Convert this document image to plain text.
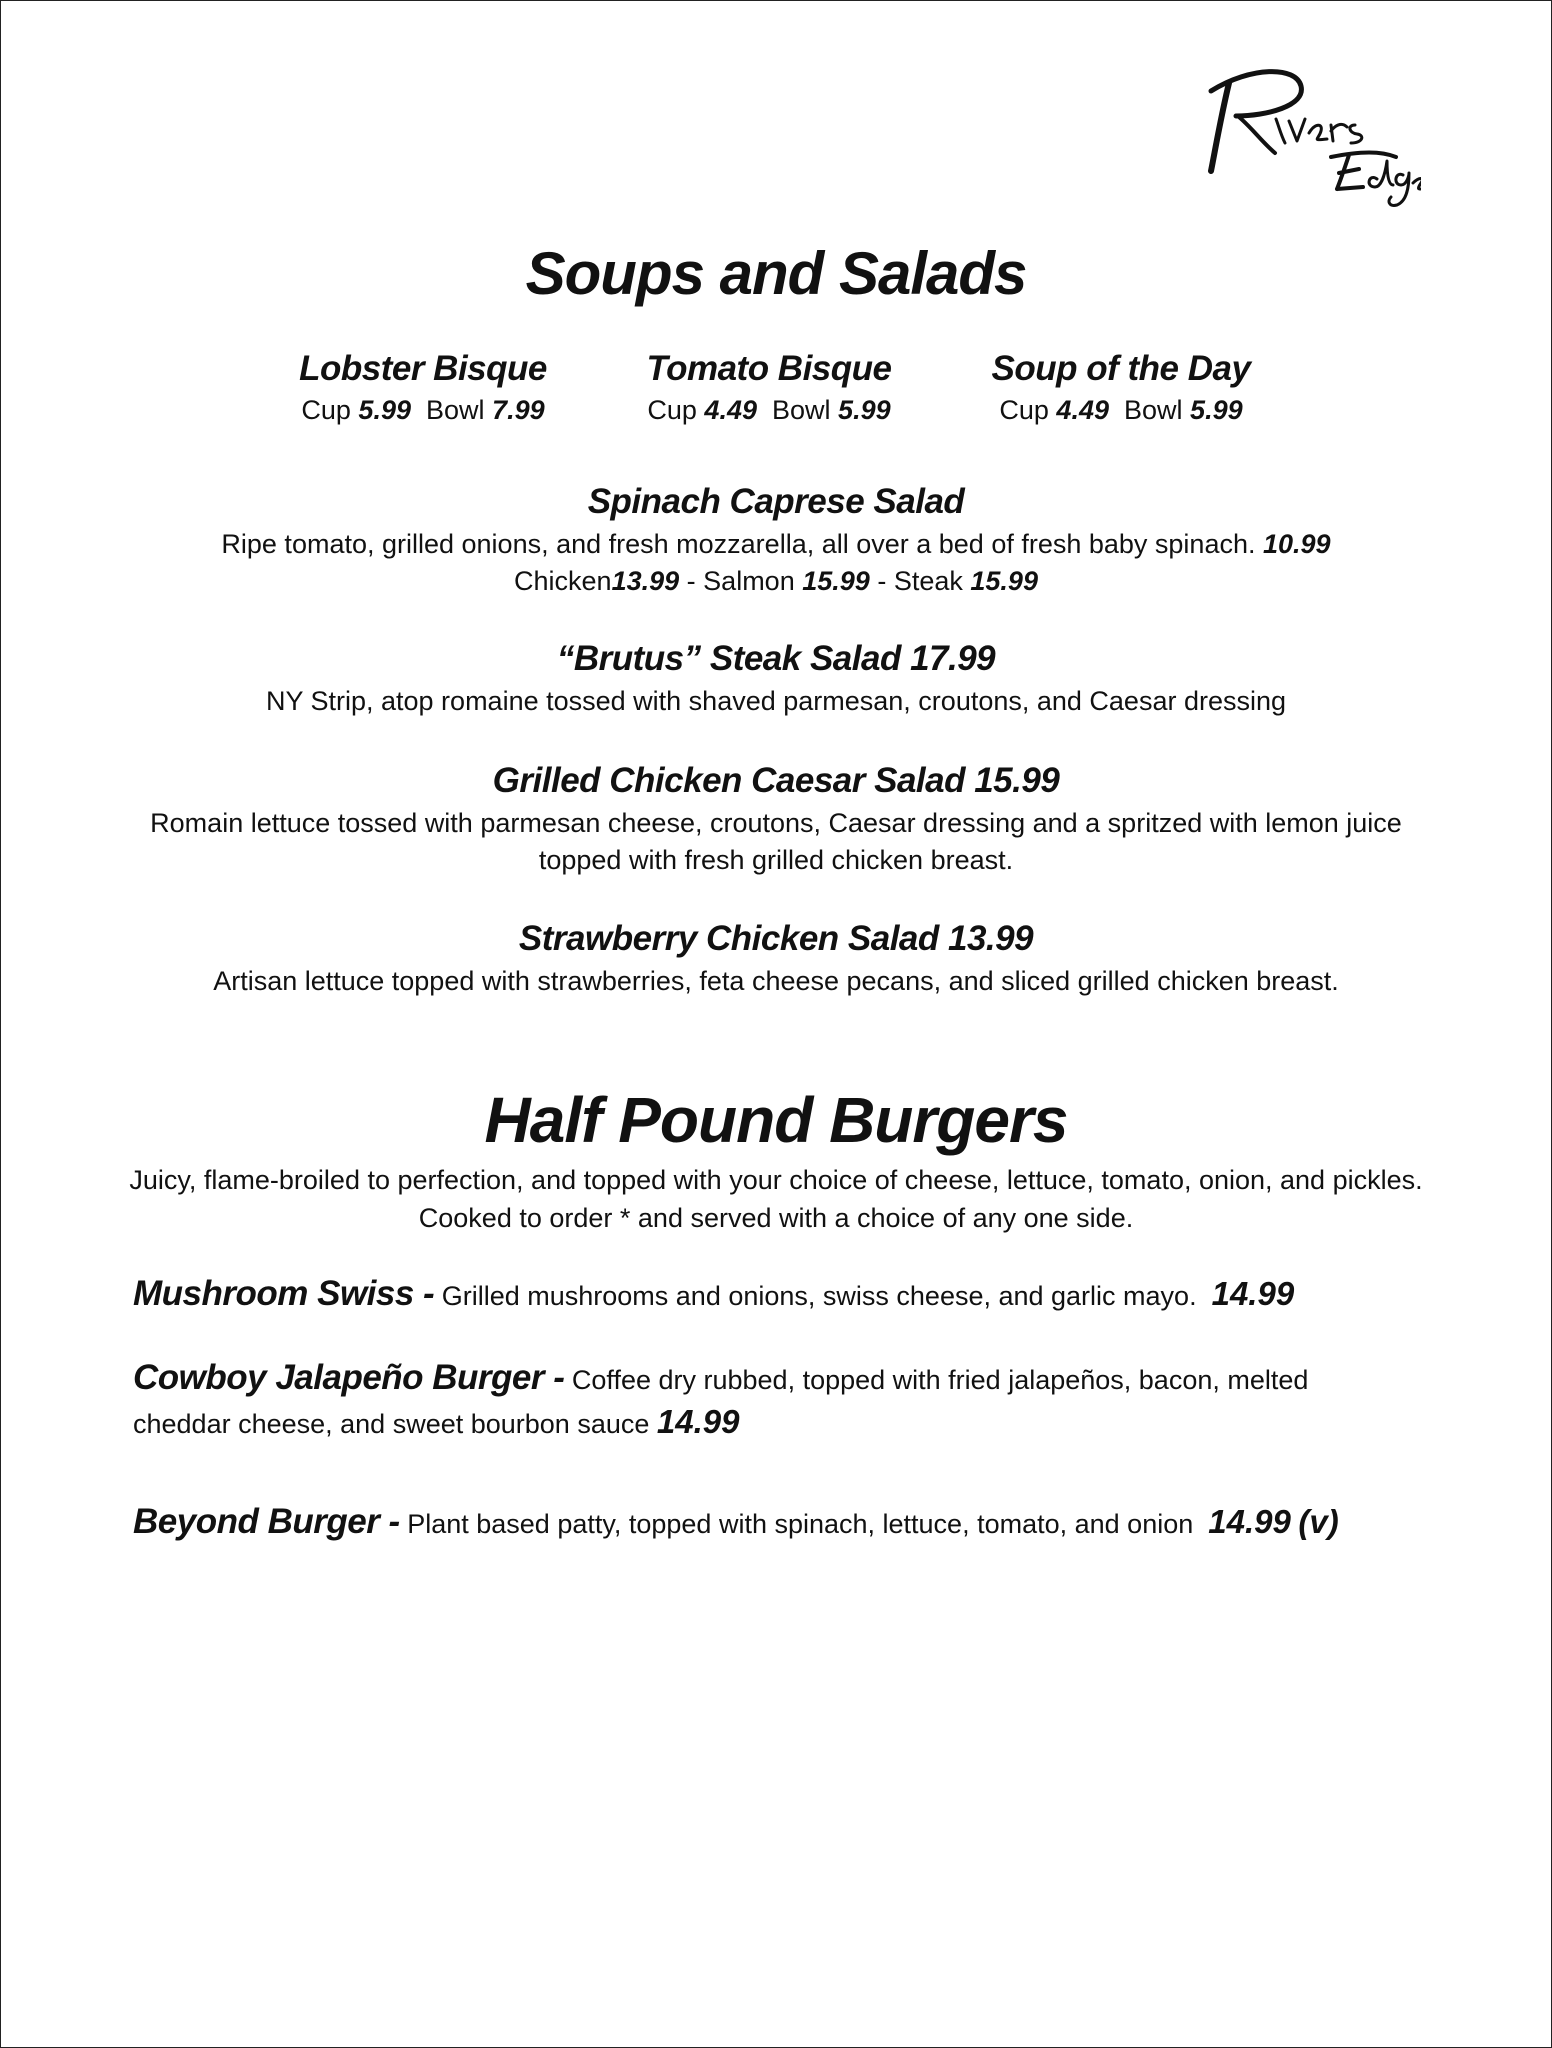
Soups and Salads
Lobster Bisque
Cup 5.99 Bowl 7.99
Tomato Bisque
Cup 4.49 Bowl 5.99
Soup of the Day
Cup 4.49 Bowl 5.99
Spinach Caprese Salad
Ripe tomato, grilled onions, and fresh mozzarella, all over a bed of fresh baby spinach. 10.99
Chicken13.99 - Salmon 15.99 - Steak 15.99
“Brutus” Steak Salad 17.99
NY Strip, atop romaine tossed with shaved parmesan, croutons, and Caesar dressing
Grilled Chicken Caesar Salad 15.99
Romain lettuce tossed with parmesan cheese, croutons, Caesar dressing and a spritzed with lemon juice topped with fresh grilled chicken breast.
Strawberry Chicken Salad 13.99
Artisan lettuce topped with strawberries, feta cheese pecans, and sliced grilled chicken breast.
Half Pound Burgers
Juicy, flame-broiled to perfection, and topped with your choice of cheese, lettuce, tomato, onion, and pickles. Cooked to order * and served with a choice of any one side.
Mushroom Swiss - Grilled mushrooms and onions, swiss cheese, and garlic mayo. 14.99
Cowboy Jalapeño Burger - Coffee dry rubbed, topped with fried jalapeños, bacon, melted cheddar cheese, and sweet bourbon sauce 14.99
Beyond Burger - Plant based patty, topped with spinach, lettuce, tomato, and onion 14.99 (v)
